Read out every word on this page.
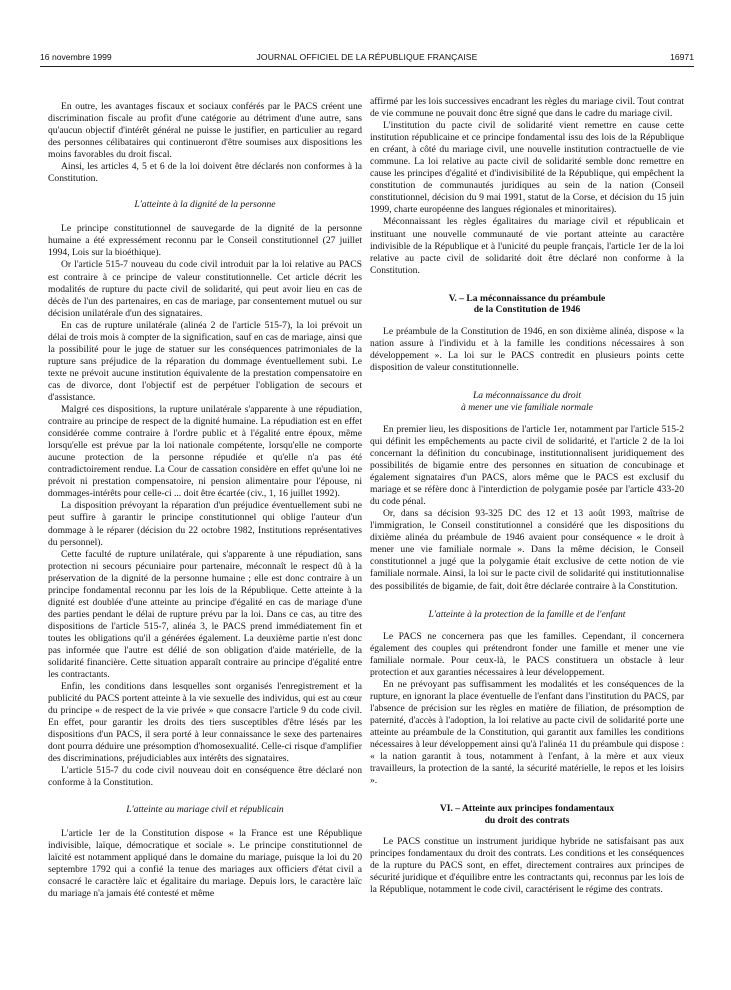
16 novembre 1999	JOURNAL OFFICIEL DE LA RÉPUBLIQUE FRANÇAISE	16971

En outre, les avantages fiscaux et sociaux conférés par le PACS créent une discrimination fiscale au profit d'une catégorie au détriment d'une autre, sans qu'aucun objectif d'intérêt général ne puisse le justifier, en particulier au regard des personnes célibataires qui continueront d'être soumises aux dispositions les moins favorables du droit fiscal.

Ainsi, les articles 4, 5 et 6 de la loi doivent être déclarés non conformes à la Constitution.

L'atteinte à la dignité de la personne

Le principe constitutionnel de sauvegarde de la dignité de la personne humaine a été expressément reconnu par le Conseil constitutionnel (27 juillet 1994, Lois sur la bioéthique).

Or l'article 515-7 nouveau du code civil introduit par la loi relative au PACS est contraire à ce principe de valeur constitutionnelle. Cet article décrit les modalités de rupture du pacte civil de solidarité, qui peut avoir lieu en cas de décès de l'un des partenaires, en cas de mariage, par consentement mutuel ou sur décision unilatérale d'un des signataires.

En cas de rupture unilatérale (alinéa 2 de l'article 515-7), la loi prévoit un délai de trois mois à compter de la signification, sauf en cas de mariage, ainsi que la possibilité pour le juge de statuer sur les conséquences patrimoniales de la rupture sans préjudice de la réparation du dommage éventuellement subi. Le texte ne prévoit aucune institution équivalente de la prestation compensatoire en cas de divorce, dont l'objectif est de perpétuer l'obligation de secours et d'assistance.

Malgré ces dispositions, la rupture unilatérale s'apparente à une répudiation, contraire au principe de respect de la dignité humaine. La répudiation est en effet considérée comme contraire à l'ordre public et à l'égalité entre époux, même lorsqu'elle est prévue par la loi nationale compétente, lorsqu'elle ne comporte aucune protection de la personne répudiée et qu'elle n'a pas été contradictoirement rendue. La Cour de cassation considère en effet qu'une loi ne prévoit ni prestation compensatoire, ni pension alimentaire pour l'épouse, ni dommages-intérêts pour celle-ci ... doit être écartée (civ., 1, 16 juillet 1992).

La disposition prévoyant la réparation d'un préjudice éventuellement subi ne peut suffire à garantir le principe constitutionnel qui oblige l'auteur d'un dommage à le réparer (décision du 22 octobre 1982, Institutions représentatives du personnel).

Cette faculté de rupture unilatérale, qui s'apparente à une répudiation, sans protection ni secours pécuniaire pour partenaire, méconnaît le respect dû à la préservation de la dignité de la personne humaine ; elle est donc contraire à un principe fondamental reconnu par les lois de la République. Cette atteinte à la dignité est doublée d'une atteinte au principe d'égalité en cas de mariage d'une des parties pendant le délai de rupture prévu par la loi. Dans ce cas, au titre des dispositions de l'article 515-7, alinéa 3, le PACS prend immédiatement fin et toutes les obligations qu'il a générées également. La deuxième partie n'est donc pas informée que l'autre est délié de son obligation d'aide matérielle, de la solidarité financière. Cette situation apparaît contraire au principe d'égalité entre les contractants.

Enfin, les conditions dans lesquelles sont organisés l'enregistrement et la publicité du PACS portent atteinte à la vie sexuelle des individus, qui est au cœur du principe « de respect de la vie privée » que consacre l'article 9 du code civil. En effet, pour garantir les droits des tiers susceptibles d'être lésés par les dispositions d'un PACS, il sera porté à leur connaissance le sexe des partenaires dont pourra déduire une présomption d'homosexualité. Celle-ci risque d'amplifier des discriminations, préjudiciables aux intérêts des signataires.

L'article 515-7 du code civil nouveau doit en conséquence être déclaré non conforme à la Constitution.

L'atteinte au mariage civil et républicain

L'article 1er de la Constitution dispose « la France est une République indivisible, laïque, démocratique et sociale ». Le principe constitutionnel de laïcité est notamment appliqué dans le domaine du mariage, puisque la loi du 20 septembre 1792 qui a confié la tenue des mariages aux officiers d'état civil a consacré le caractère laïc et égalitaire du mariage. Depuis lors, le caractère laïc du mariage n'a jamais été contesté et même

affirmé par les lois successives encadrant les règles du mariage civil. Tout contrat de vie commune ne pouvait donc être signé que dans le cadre du mariage civil.

L'institution du pacte civil de solidarité vient remettre en cause cette institution républicaine et ce principe fondamental issu des lois de la République en créant, à côté du mariage civil, une nouvelle institution contractuelle de vie commune. La loi relative au pacte civil de solidarité semble donc remettre en cause les principes d'égalité et d'indivisibilité de la République, qui empêchent la constitution de communautés juridiques au sein de la nation (Conseil constitutionnel, décision du 9 mai 1991, statut de la Corse, et décision du 15 juin 1999, charte européenne des langues régionales et minoritaires).

Méconnaissant les règles égalitaires du mariage civil et républicain et instituant une nouvelle communauté de vie portant atteinte au caractère indivisible de la République et à l'unicité du peuple français, l'article 1er de la loi relative au pacte civil de solidarité doit être déclaré non conforme à la Constitution.

V. – La méconnaissance du préambule
de la Constitution de 1946

Le préambule de la Constitution de 1946, en son dixième alinéa, dispose « la nation assure à l'individu et à la famille les conditions nécessaires à son développement ». La loi sur le PACS contredit en plusieurs points cette disposition de valeur constitutionnelle.

La méconnaissance du droit
à mener une vie familiale normale

En premier lieu, les dispositions de l'article 1er, notamment par l'article 515-2 qui définit les empêchements au pacte civil de solidarité, et l'article 2 de la loi concernant la définition du concubinage, institutionnalisent juridiquement des possibilités de bigamie entre des personnes en situation de concubinage et également signataires d'un PACS, alors même que le PACS est exclusif du mariage et se réfère donc à l'interdiction de polygamie posée par l'article 433-20 du code pénal.

Or, dans sa décision 93-325 DC des 12 et 13 août 1993, maîtrise de l'immigration, le Conseil constitutionnel a considéré que les dispositions du dixième alinéa du préambule de 1946 avaient pour conséquence « le droit à mener une vie familiale normale ». Dans la même décision, le Conseil constitutionnel a jugé que la polygamie était exclusive de cette notion de vie familiale normale. Ainsi, la loi sur le pacte civil de solidarité qui institutionnalise des possibilités de bigamie, de fait, doit être déclarée contraire à la Constitution.

L'atteinte à la protection de la famille et de l'enfant

Le PACS ne concernera pas que les familles. Cependant, il concernera également des couples qui prétendront fonder une famille et mener une vie familiale normale. Pour ceux-là, le PACS constituera un obstacle à leur protection et aux garanties nécessaires à leur développement.

En ne prévoyant pas suffisamment les modalités et les conséquences de la rupture, en ignorant la place éventuelle de l'enfant dans l'institution du PACS, par l'absence de précision sur les règles en matière de filiation, de présomption de paternité, d'accès à l'adoption, la loi relative au pacte civil de solidarité porte une atteinte au préambule de la Constitution, qui garantit aux familles les conditions nécessaires à leur développement ainsi qu'à l'alinéa 11 du préambule qui dispose : « la nation garantit à tous, notamment à l'enfant, à la mère et aux vieux travailleurs, la protection de la santé, la sécurité matérielle, le repos et les loisirs ».

VI. – Atteinte aux principes fondamentaux
du droit des contrats

Le PACS constitue un instrument juridique hybride ne satisfaisant pas aux principes fondamentaux du droit des contrats. Les conditions et les conséquences de la rupture du PACS sont, en effet, directement contraires aux principes de sécurité juridique et d'équilibre entre les contractants qui, reconnus par les lois de la République, notamment le code civil, caractérisent le régime des contrats.
